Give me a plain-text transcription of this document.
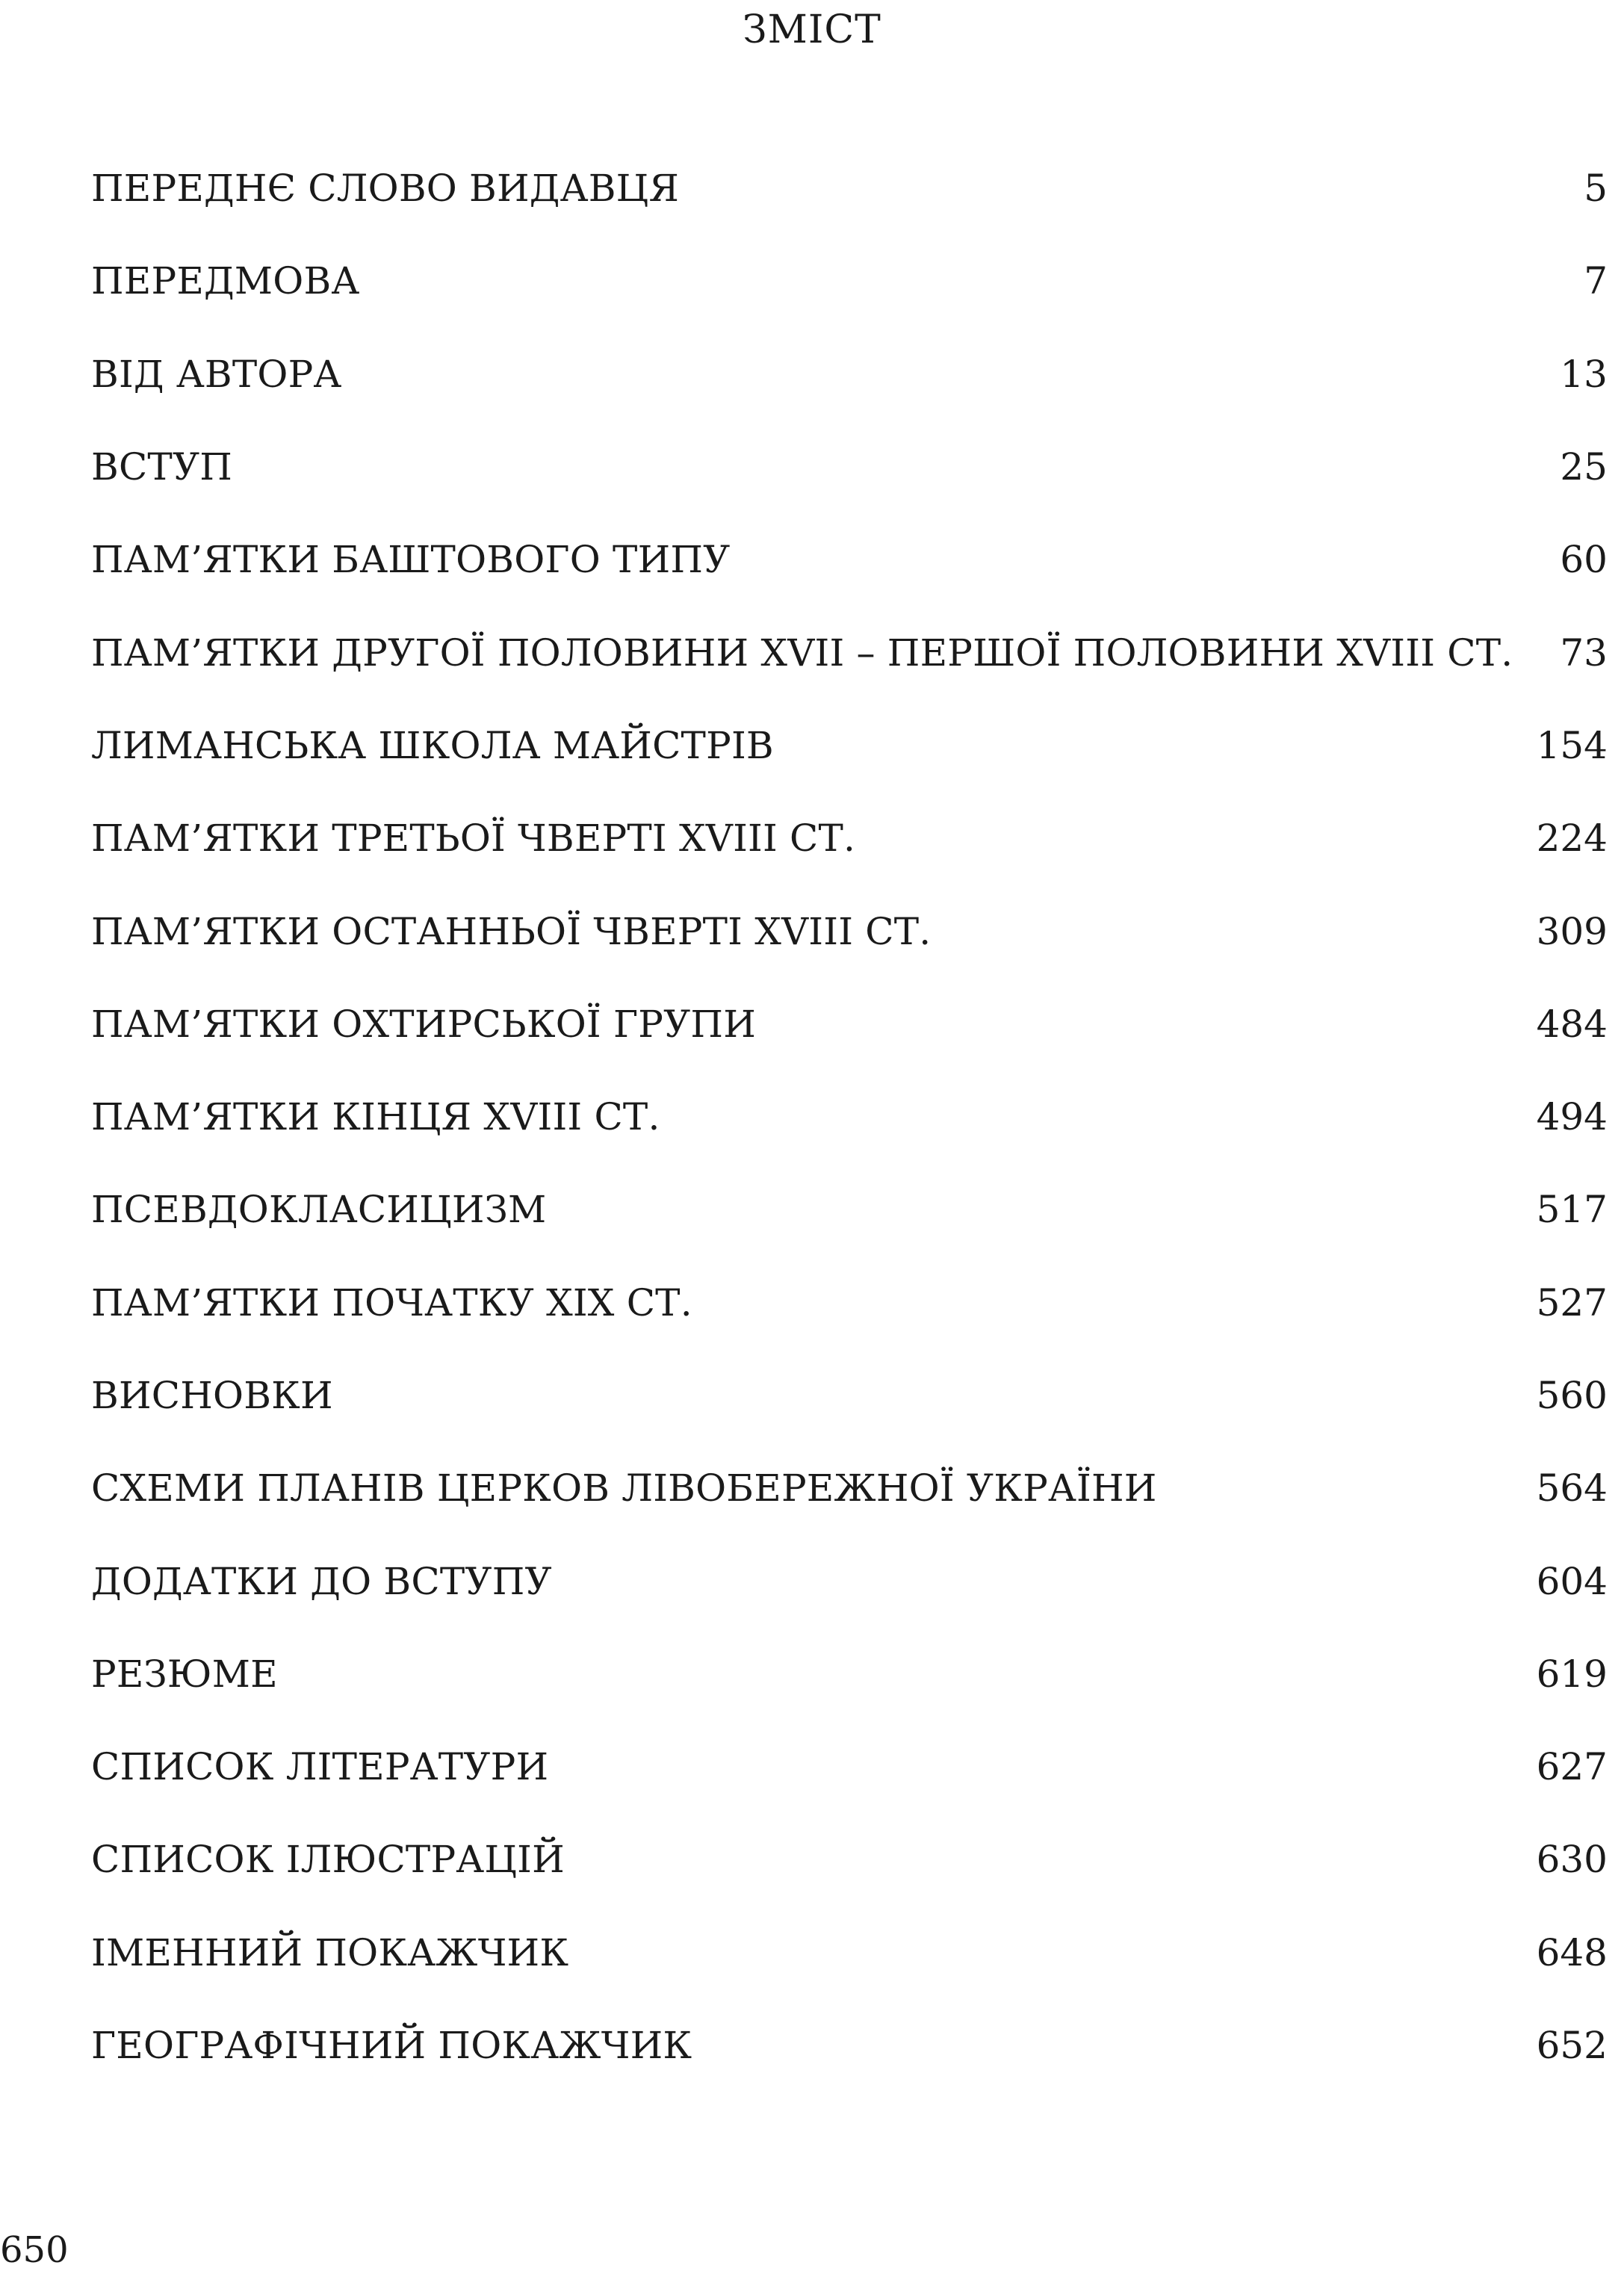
ЗМІСТ
ПЕРЕДНЄ СЛОВО ВИДАВЦЯ	5
ПЕРЕДМОВА	7
ВІД АВТОРА	13
ВСТУП	25
ПАМ’ЯТКИ БАШТОВОГО ТИПУ	60
ПАМ’ЯТКИ ДРУГОЇ ПОЛОВИНИ XVII – ПЕРШОЇ ПОЛОВИНИ XVIII СТ.	73
ЛИМАНСЬКА ШКОЛА МАЙСТРІВ	154
ПАМ’ЯТКИ ТРЕТЬОЇ ЧВЕРТІ XVIII СТ.	224
ПАМ’ЯТКИ ОСТАННЬОЇ ЧВЕРТІ XVIII СТ.	309
ПАМ’ЯТКИ ОХТИРСЬКОЇ ГРУПИ	484
ПАМ’ЯТКИ КІНЦЯ XVIII СТ.	494
ПСЕВДОКЛАСИЦИЗМ	517
ПАМ’ЯТКИ ПОЧАТКУ XIX СТ.	527
ВИСНОВКИ	560
СХЕМИ ПЛАНІВ ЦЕРКОВ ЛІВОБЕРЕЖНОЇ УКРАЇНИ	564
ДОДАТКИ ДО ВСТУПУ	604
РЕЗЮМЕ	619
СПИСОК ЛІТЕРАТУРИ	627
СПИСОК ІЛЮСТРАЦІЙ	630
ІМЕННИЙ ПОКАЖЧИК	648
ГЕОГРАФІЧНИЙ ПОКАЖЧИК	652
650
